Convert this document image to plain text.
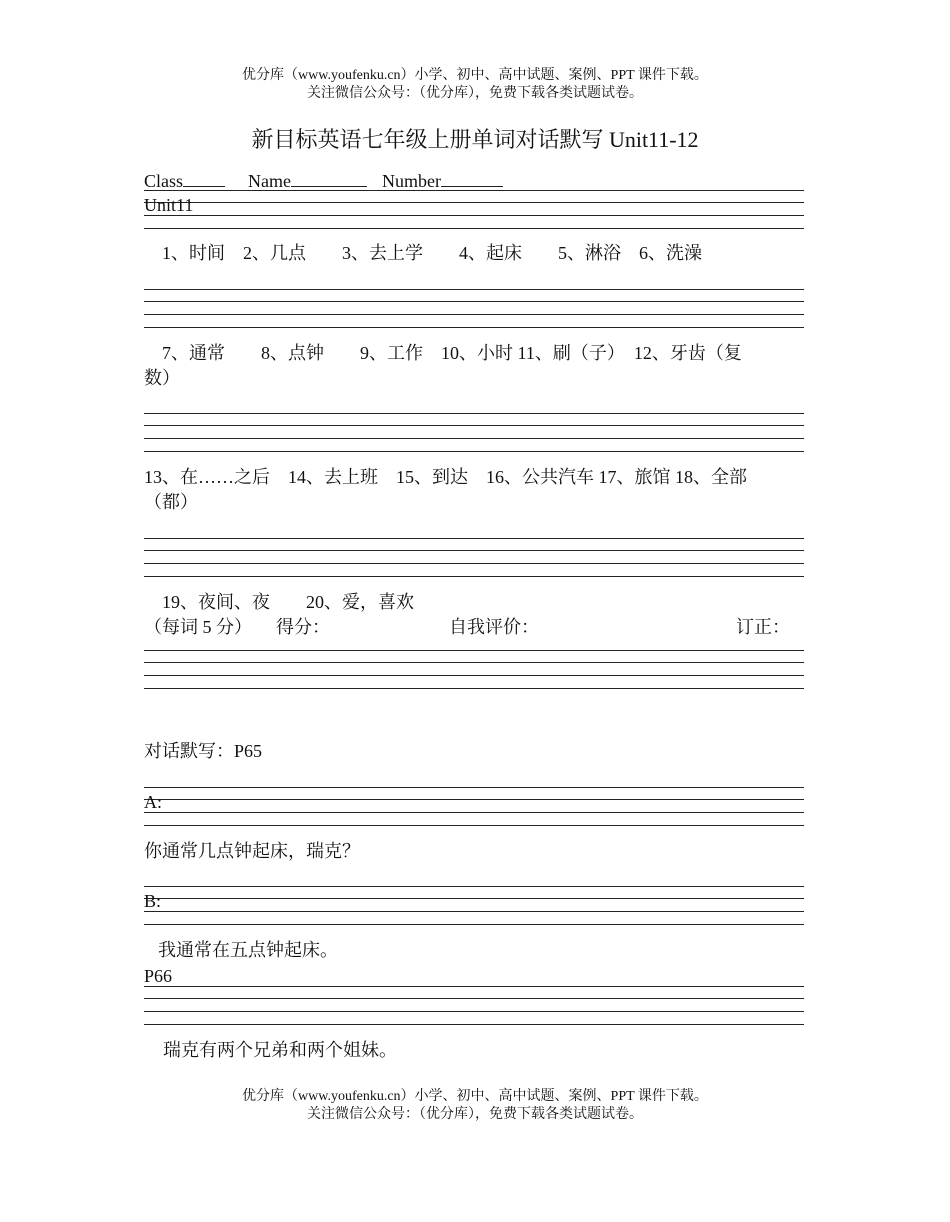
优分库（www.youfenku.cn）小学、初中、高中试题、案例、PPT 课件下载。
关注微信公众号：（优分库），免费下载各类试题试卷。
新目标英语七年级上册单词对话默写 Unit11-12
Class	Name	Number
Unit11
1、时间　2、几点　　3、去上学　　4、起床　　5、淋浴　6、洗澡
7、通常　　8、点钟　　9、工作　10、小时 11、刷（子）　12、牙齿（复
数）
13、在……之后　14、去上班　15、到达　16、公共汽车 17、旅馆 18、全部
（都）
19、夜间、夜　　20、爱，喜欢
（每词 5 分） 得分：	自我评价：	订正：
对话默写：P65
A:
你通常几点钟起床，瑞克？
B:
我通常在五点钟起床。
P66
瑞克有两个兄弟和两个姐妹。
优分库（www.youfenku.cn）小学、初中、高中试题、案例、PPT 课件下载。
关注微信公众号：（优分库），免费下载各类试题试卷。
